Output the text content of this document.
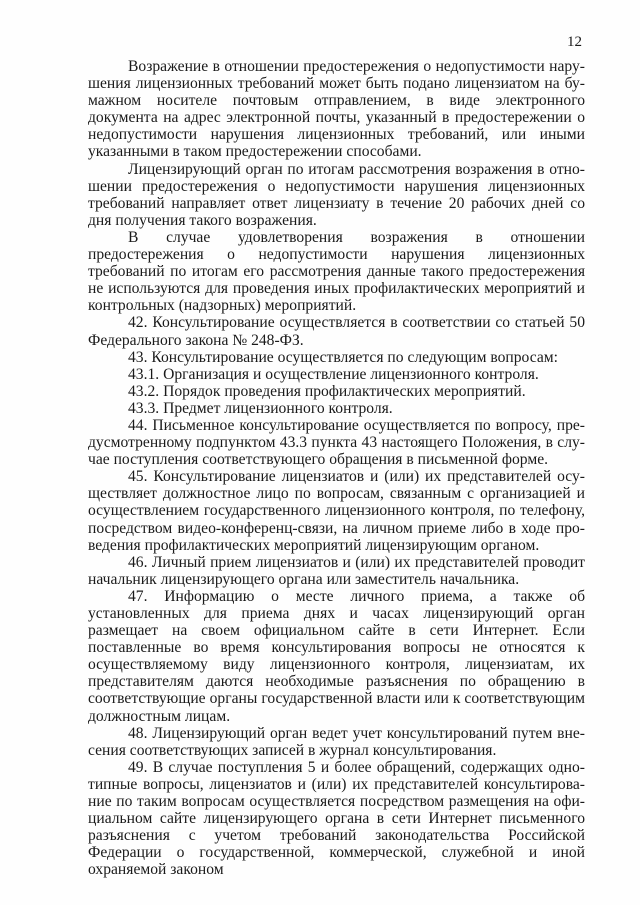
12

Возражение в отношении предостережения о недопустимости нарушения лицензионных требований может быть подано лицензиатом на бумажном носителе почтовым отправлением, в виде электронного документа на адрес электронной почты, указанный в предостережении о недопустимости нарушения лицензионных требований, или иными указанными в таком предостережении способами.

Лицензирующий орган по итогам рассмотрения возражения в отношении предостережения о недопустимости нарушения лицензионных требований направляет ответ лицензиату в течение 20 рабочих дней со дня получения такого возражения.

В случае удовлетворения возражения в отношении предостережения о недопустимости нарушения лицензионных требований по итогам его рассмотрения данные такого предостережения не используются для проведения иных профилактических мероприятий и контрольных (надзорных) мероприятий.

42. Консультирование осуществляется в соответствии со статьей 50 Федерального закона № 248-ФЗ.

43. Консультирование осуществляется по следующим вопросам:

43.1. Организация и осуществление лицензионного контроля.

43.2. Порядок проведения профилактических мероприятий.

43.3. Предмет лицензионного контроля.

44. Письменное консультирование осуществляется по вопросу, предусмотренному подпунктом 43.3 пункта 43 настоящего Положения, в случае поступления соответствующего обращения в письменной форме.

45. Консультирование лицензиатов и (или) их представителей осуществляет должностное лицо по вопросам, связанным с организацией и осуществлением государственного лицензионного контроля, по телефону, посредством видео-конференц-связи, на личном приеме либо в ходе проведения профилактических мероприятий лицензирующим органом.

46. Личный прием лицензиатов и (или) их представителей проводит начальник лицензирующего органа или заместитель начальника.

47. Информацию о месте личного приема, а также об установленных для приема днях и часах лицензирующий орган размещает на своем официальном сайте в сети Интернет. Если поставленные во время консультирования вопросы не относятся к осуществляемому виду лицензионного контроля, лицензиатам, их представителям даются необходимые разъяснения по обращению в соответствующие органы государственной власти или к соответствующим должностным лицам.

48. Лицензирующий орган ведет учет консультирований путем внесения соответствующих записей в журнал консультирования.

49. В случае поступления 5 и более обращений, содержащих однотипные вопросы, лицензиатов и (или) их представителей консультирование по таким вопросам осуществляется посредством размещения на официальном сайте лицензирующего органа в сети Интернет письменного разъяснения с учетом требований законодательства Российской Федерации о государственной, коммерческой, служебной и иной охраняемой законом
